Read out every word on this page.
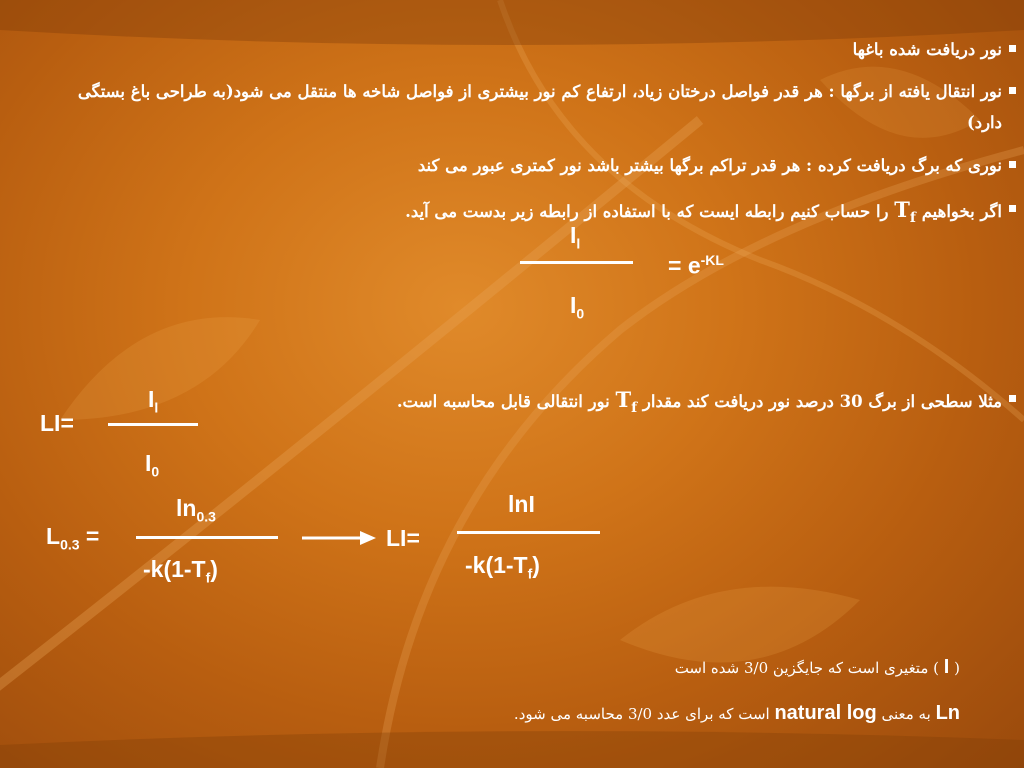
نور دریافت شده باغها
نور انتقال یافته از برگها : هر قدر فواصل درختان زیاد، ارتفاع کم نور بیشتری از فواصل شاخه ها منتقل می شود(به طراحی باغ بستگی دارد)
نوری که برگ دریافت کرده : هر قدر تراکم برگها بیشتر باشد نور کمتری عبور می کند
اگر بخواهیم $T_f$ را حساب کنیم رابطه ایست که با استفاده از رابطه زیر بدست می آید.
مثلا سطحی از برگ 30 درصد نور دریافت کند مقدار $T_f$ نور انتقالی قابل محاسبه است.
$I_l$
$I_0$
= $e^{-KL}$
LI=
$I_l$
$I_0$
$L_{0.3}$ =
$\ln_{0.3}$
$-k(1-T_f)$
LI=
lnI
$-k(1-T_f)$
( I ) متغیری است که جایگزین 3/0 شده است
Ln به معنی natural log است که برای عدد 3/0 محاسبه می شود.
